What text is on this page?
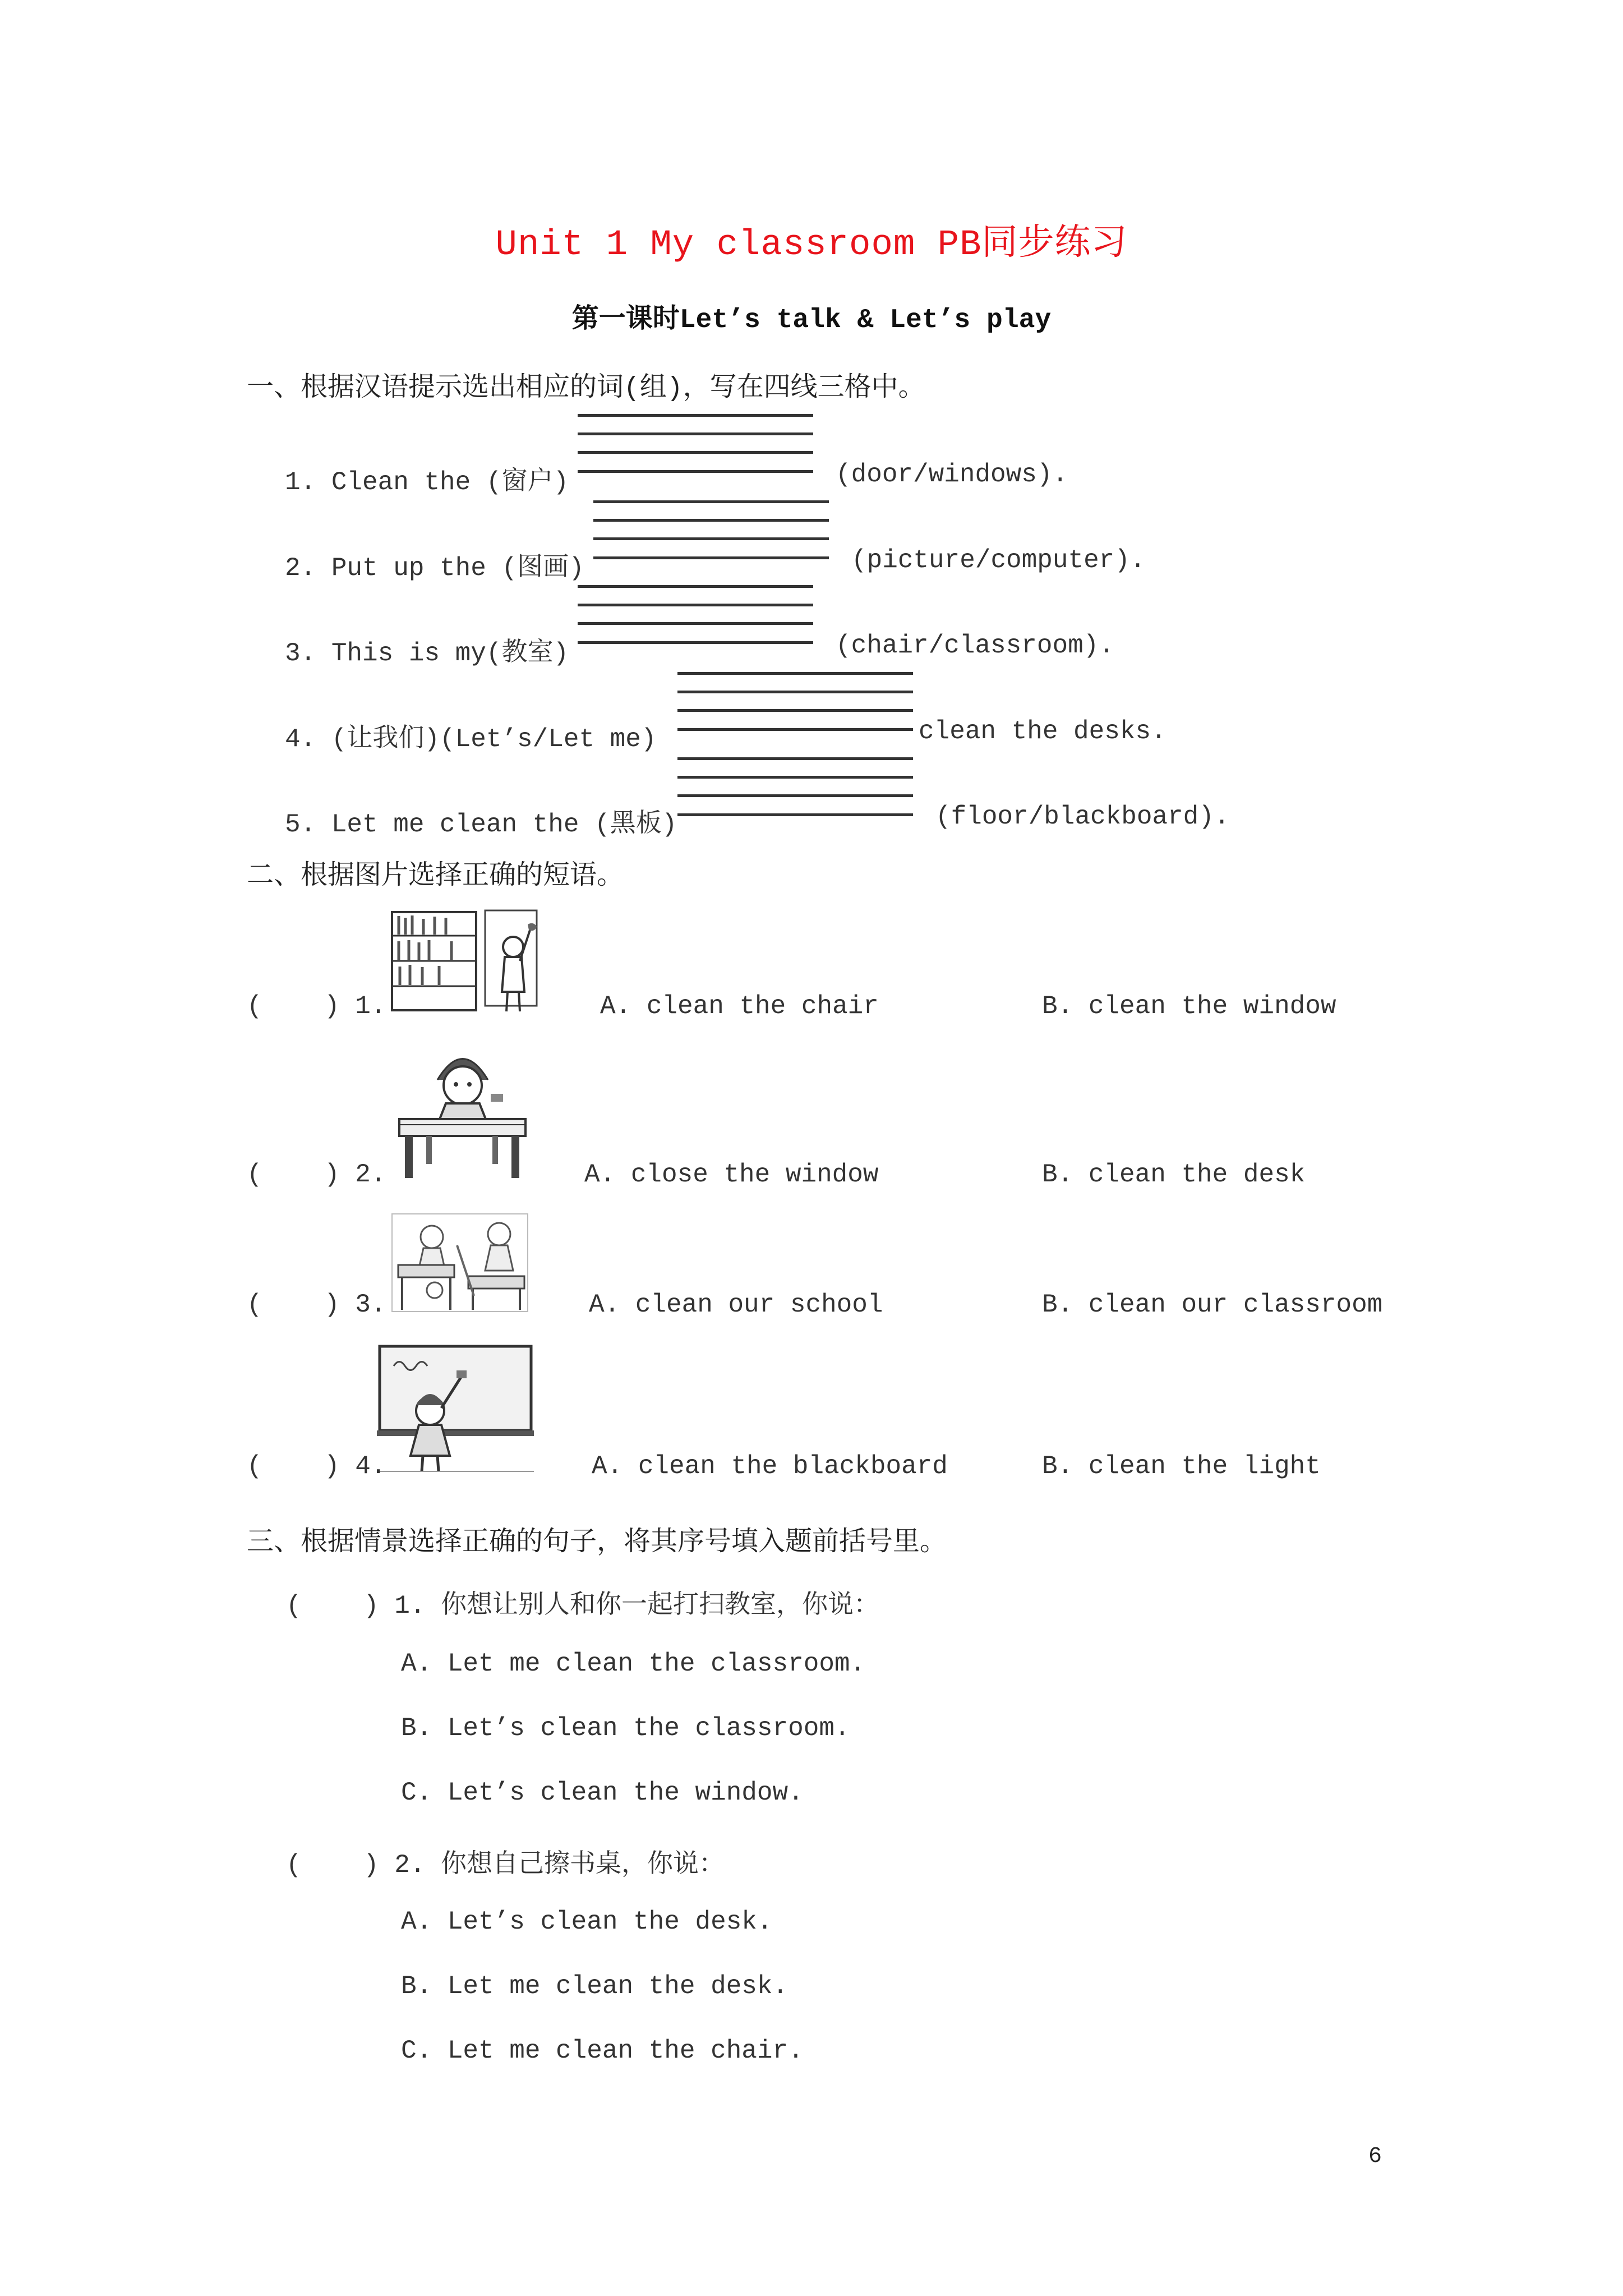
Unit 1 My classroom PB同步练习
第一课时Let’s talk & Let’s play
一、根据汉语提示选出相应的词(组)，写在四线三格中。
1. Clean the (窗户)	(door/windows).
2. Put up the (图画)	(picture/computer).
3. This is my(教室)	(chair/classroom).
4. (让我们)(Let’s/Let me)	clean the desks.
5. Let me clean the (黑板)	(floor/blackboard).
二、根据图片选择正确的短语。
(    ) 1.	A. clean the chair	B. clean the window
(    ) 2.	A. close the window	B. clean the desk
(    ) 3.	A. clean our school	B. clean our classroom
(    ) 4.	A. clean the blackboard	B. clean the light
三、根据情景选择正确的句子，将其序号填入题前括号里。
(    ) 1. 你想让别人和你一起打扫教室，你说：
A. Let me clean the classroom.
B. Let’s clean the classroom.
C. Let’s clean the window.
(    ) 2. 你想自己擦书桌，你说：
A. Let’s clean the desk.
B. Let me clean the desk.
C. Let me clean the chair.
6
